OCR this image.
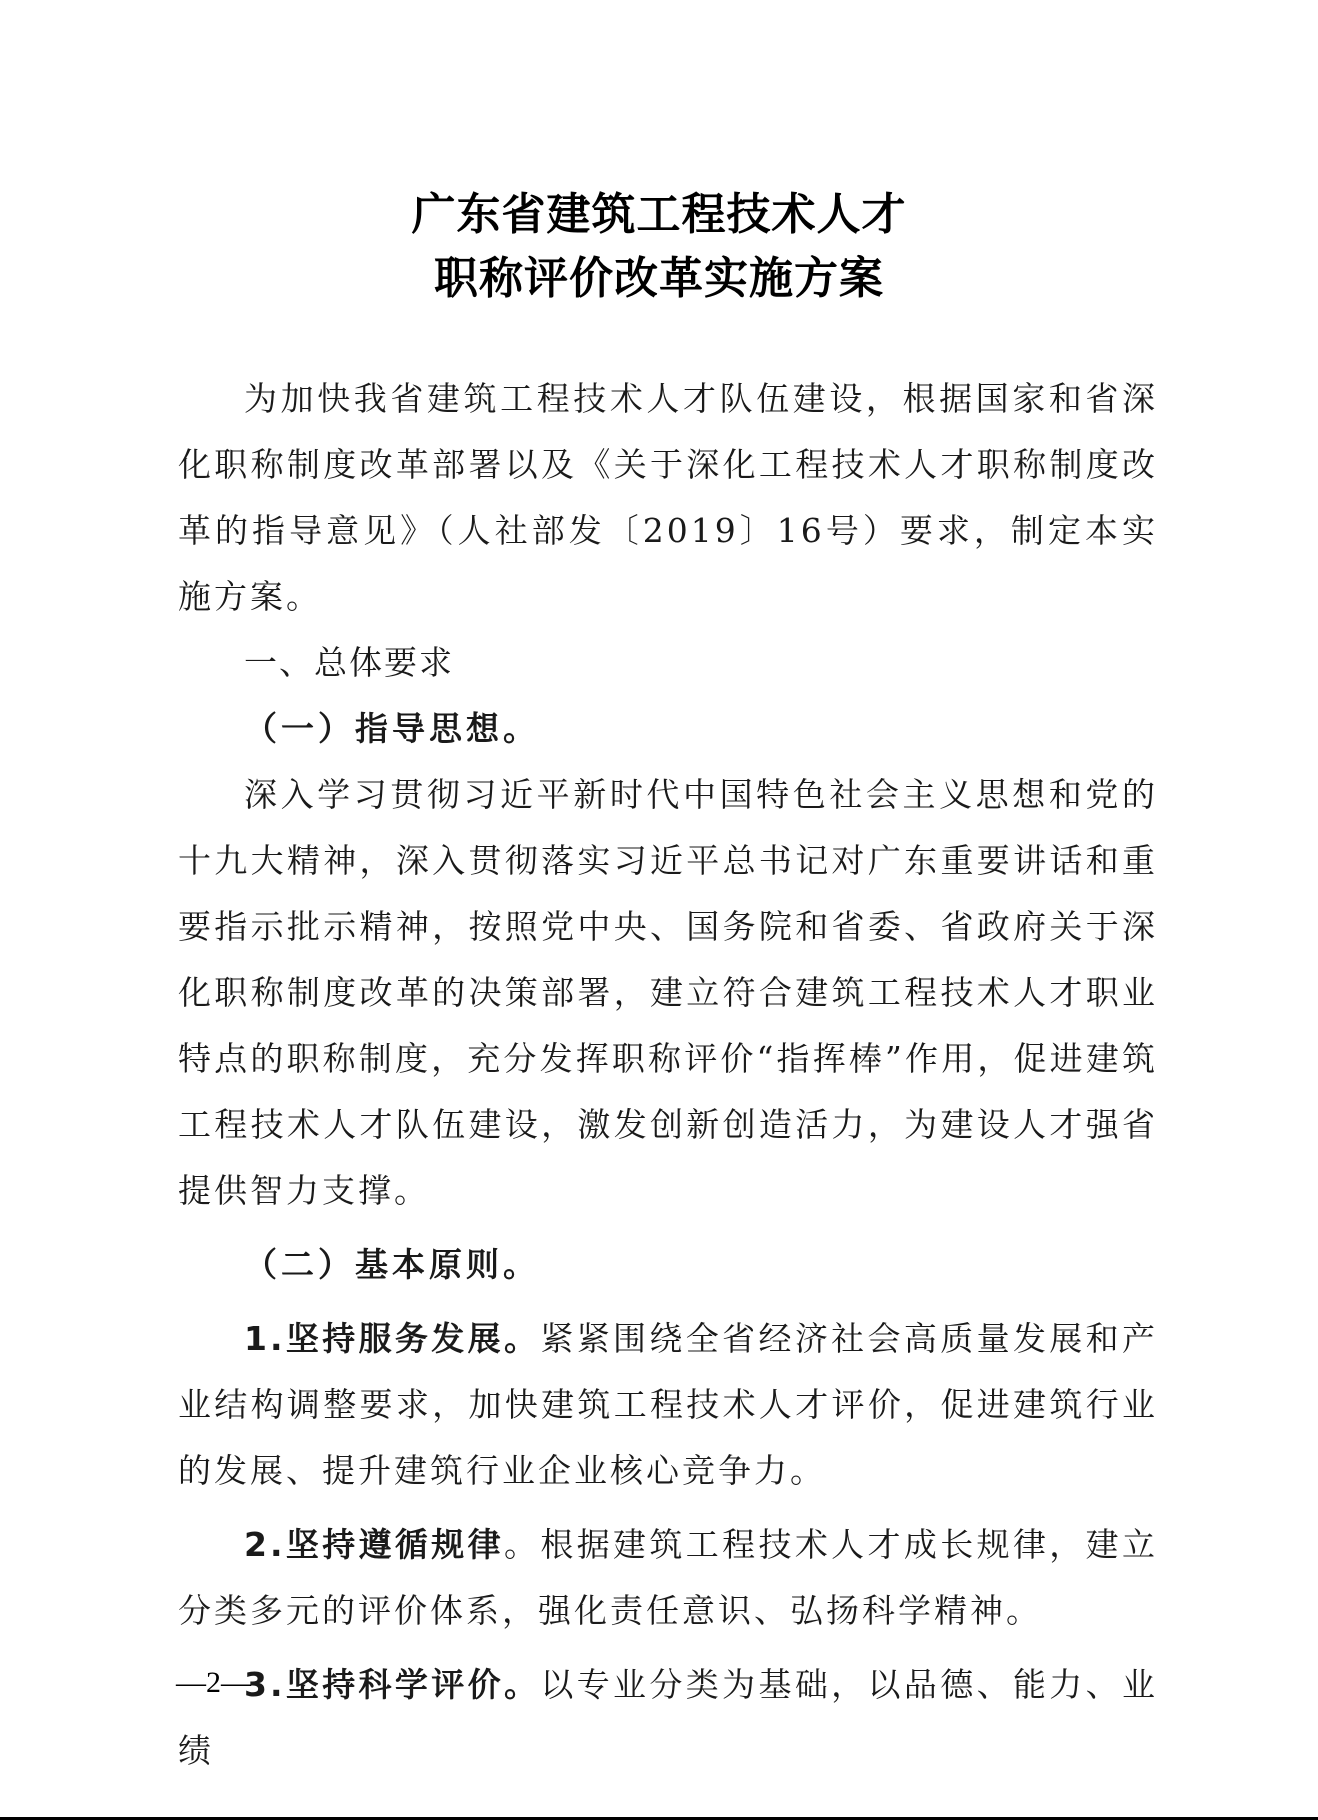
广东省建筑工程技术人才
职称评价改革实施方案

为加快我省建筑工程技术人才队伍建设，根据国家和省深化职称制度改革部署以及《关于深化工程技术人才职称制度改革的指导意见》（人社部发〔2019〕16号）要求，制定本实施方案。

一、总体要求

（一）指导思想。

深入学习贯彻习近平新时代中国特色社会主义思想和党的十九大精神，深入贯彻落实习近平总书记对广东重要讲话和重要指示批示精神，按照党中央、国务院和省委、省政府关于深化职称制度改革的决策部署，建立符合建筑工程技术人才职业特点的职称制度，充分发挥职称评价“指挥棒”作用，促进建筑工程技术人才队伍建设，激发创新创造活力，为建设人才强省提供智力支撑。

（二）基本原则。

1.坚持服务发展。紧紧围绕全省经济社会高质量发展和产业结构调整要求，加快建筑工程技术人才评价，促进建筑行业的发展、提升建筑行业企业核心竞争力。

2.坚持遵循规律。根据建筑工程技术人才成长规律，建立分类多元的评价体系，强化责任意识、弘扬科学精神。

3.坚持科学评价。以专业分类为基础，以品德、能力、业绩

—2—
